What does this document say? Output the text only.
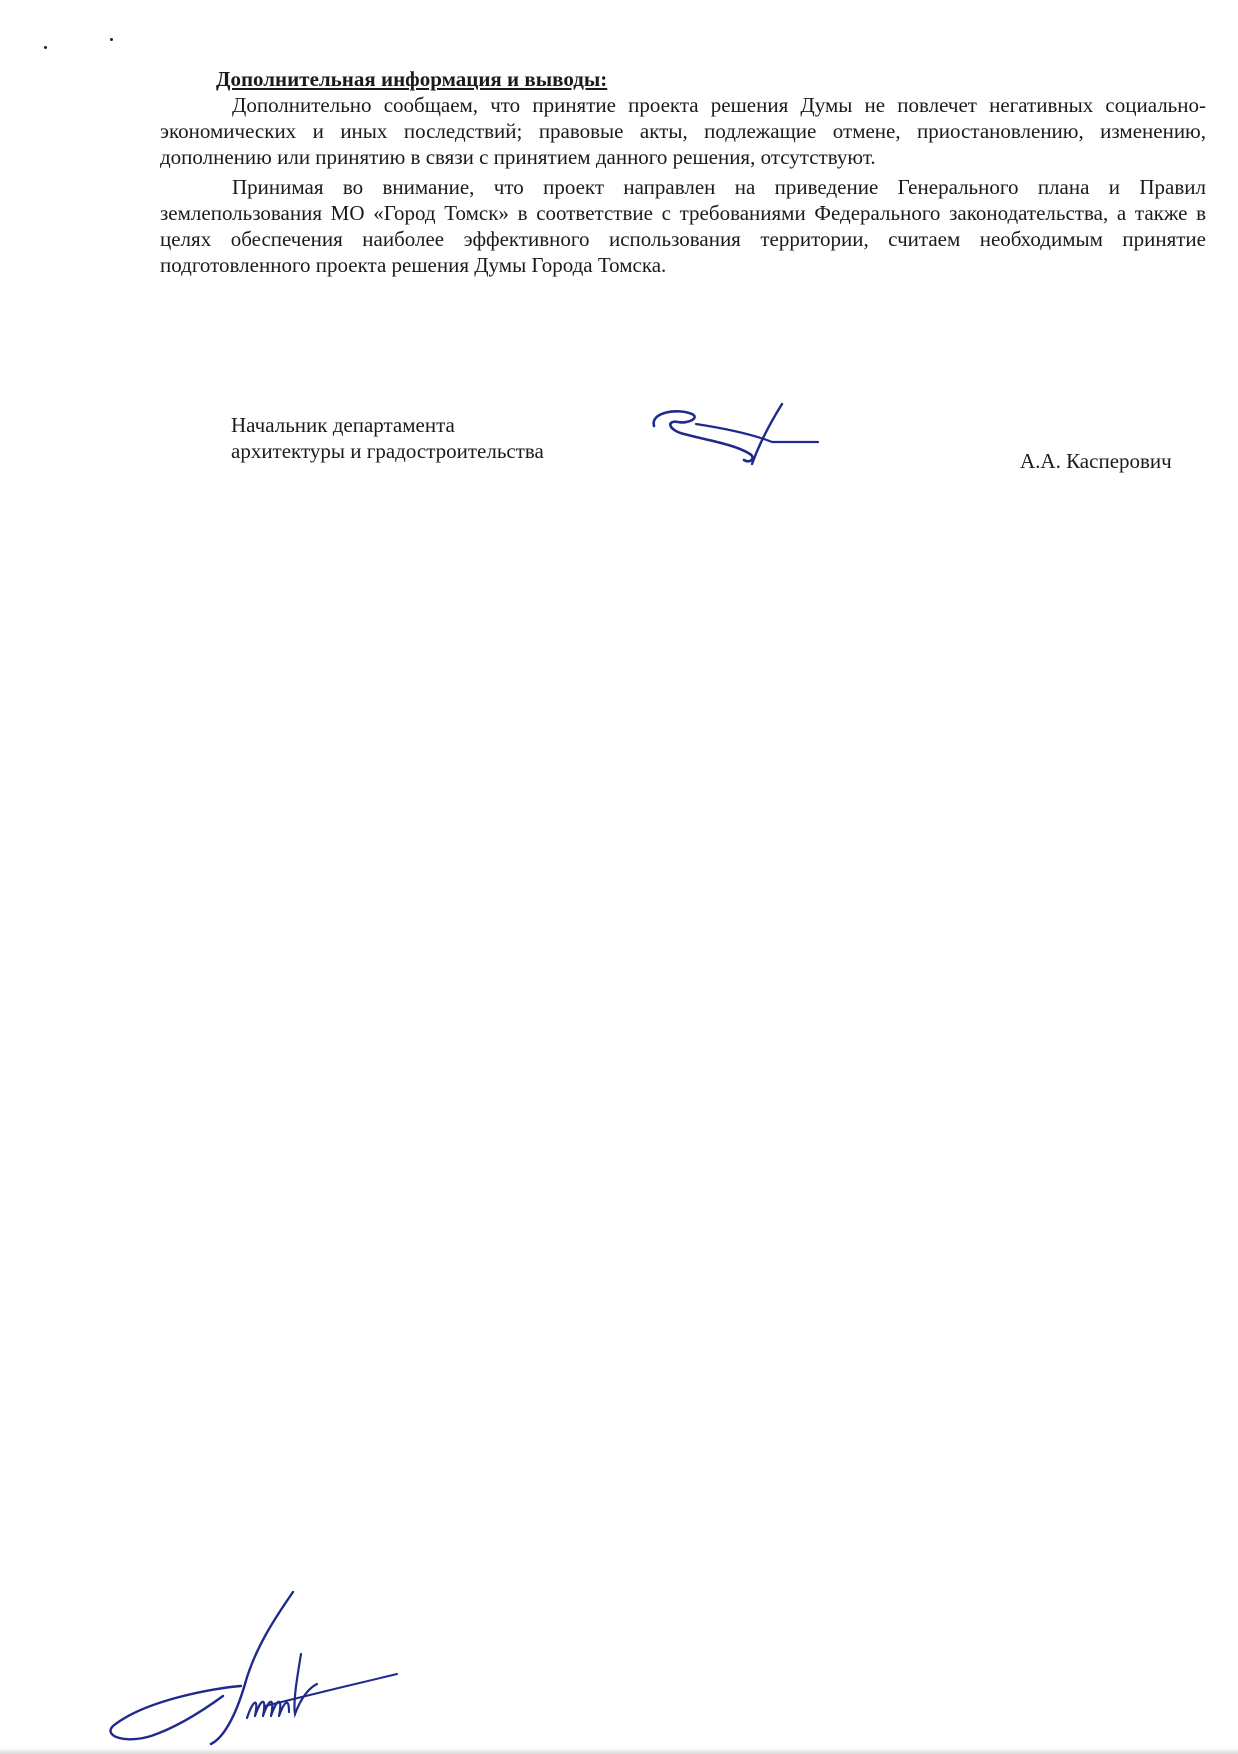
Дополнительная информация и выводы:

Дополнительно сообщаем, что принятие проекта решения Думы не повлечет негативных социально-экономических и иных последствий; правовые акты, подлежащие отмене, приостановлению, изменению, дополнению или принятию в связи с принятием данного решения, отсутствуют.

Принимая во внимание, что проект направлен на приведение Генерального плана и Правил землепользования МО «Город Томск» в соответствие с требованиями Федерального законодательства, а также в целях обеспечения наиболее эффективного использования территории, считаем необходимым принятие подготовленного проекта решения Думы Города Томска.

Начальник департамента
архитектуры и градостроительства	А.А. Касперович
